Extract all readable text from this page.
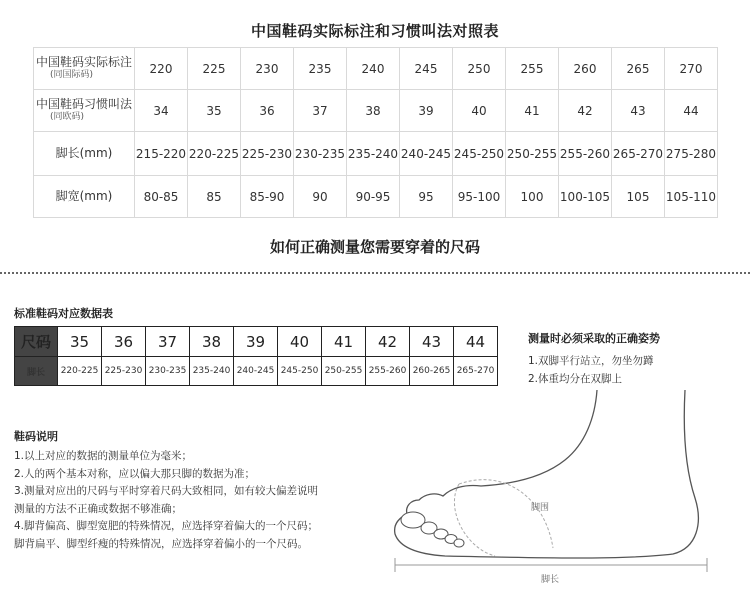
中国鞋码实际标注和习惯叫法对照表
中国鞋码实际标注
(同国际码)	220	225	230	235	240	245	250	255	260	265	270
中国鞋码习惯叫法
(同欧码)	34	35	36	37	38	39	40	41	42	43	44
脚长(mm)	215-220	220-225	225-230	230-235	235-240	240-245	245-250	250-255	255-260	265-270	275-280
脚宽(mm)	80-85	85	85-90	90	90-95	95	95-100	100	100-105	105	105-110
如何正确测量您需要穿着的尺码
标准鞋码对应数据表
尺码	35	36	37	38	39	40	41	42	43	44
脚长	220-225	225-230	230-235	235-240	240-245	245-250	250-255	255-260	260-265	265-270
测量时必须采取的正确姿势
1.双脚平行站立，勿坐勿蹲
2.体重均分在双脚上
鞋码说明
1.以上对应的数据的测量单位为毫米；
2.人的两个基本对称，应以偏大那只脚的数据为准；
3.测量对应出的尺码与平时穿着尺码大致相同，如有较大偏差说明
测量的方法不正确或数据不够准确；
4.脚背偏高、脚型宽肥的特殊情况，应选择穿着偏大的一个尺码；
脚背扁平、脚型纤瘦的特殊情况，应选择穿着偏小的一个尺码。
脚围
脚长
